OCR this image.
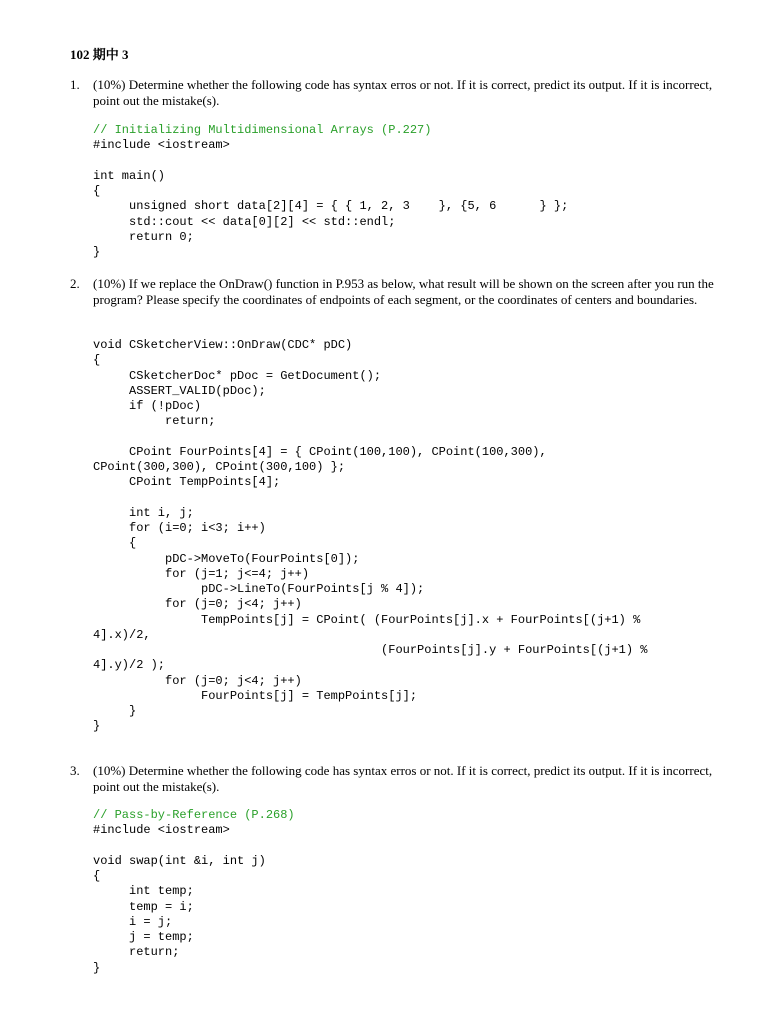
102 期中 3
1. (10%) Determine whether the following code has syntax erros or not. If it is correct, predict its output. If it is incorrect, point out the mistake(s).
// Initializing Multidimensional Arrays (P.227)
#include <iostream>
int main()
{
unsigned short data[2][4] = { { 1, 2, 3    }, {5, 6      } };
std::cout << data[0][2] << std::endl;
return 0;
}
2. (10%) If we replace the OnDraw() function in P.953 as below, what result will be shown on the screen after you run the program? Please specify the coordinates of endpoints of each segment, or the coordinates of centers and boundaries.
void CSketcherView::OnDraw(CDC* pDC)
{
CSketcherDoc* pDoc = GetDocument();
ASSERT_VALID(pDoc);
if (!pDoc)
return;
CPoint FourPoints[4] = { CPoint(100,100), CPoint(100,300),
CPoint(300,300), CPoint(300,100) };
CPoint TempPoints[4];
int i, j;
for (i=0; i<3; i++)
{
pDC->MoveTo(FourPoints[0]);
for (j=1; j<=4; j++)
pDC->LineTo(FourPoints[j % 4]);
for (j=0; j<4; j++)
TempPoints[j] = CPoint( (FourPoints[j].x + FourPoints[(j+1) %
4].x)/2,
(FourPoints[j].y + FourPoints[(j+1) %
4].y)/2 );
for (j=0; j<4; j++)
FourPoints[j] = TempPoints[j];
}
}
3. (10%) Determine whether the following code has syntax erros or not. If it is correct, predict its output. If it is incorrect, point out the mistake(s).
// Pass-by-Reference (P.268)
#include <iostream>
void swap(int &i, int j)
{
int temp;
temp = i;
i = j;
j = temp;
return;
}
